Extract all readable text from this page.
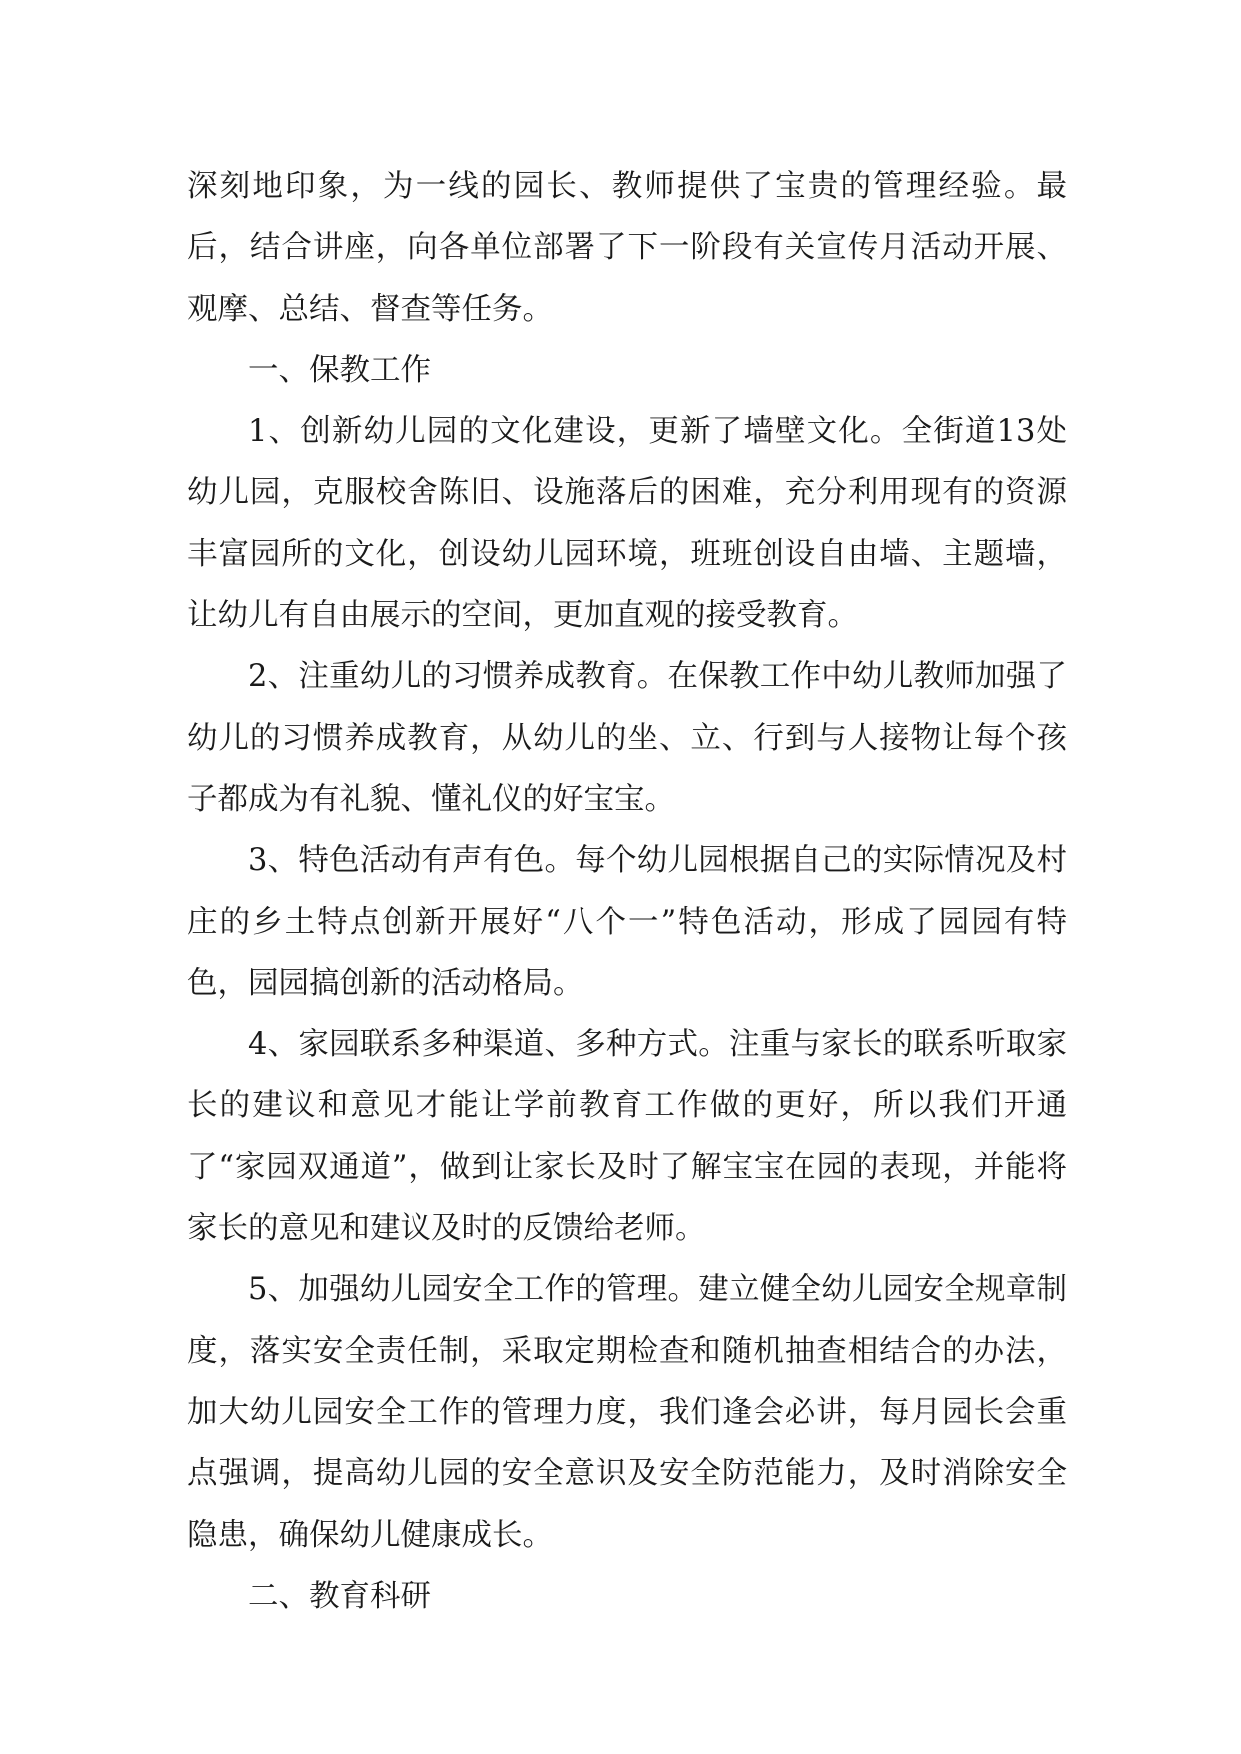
深刻地印象，为一线的园长、教师提供了宝贵的管理经验。最后，结合讲座，向各单位部署了下一阶段有关宣传月活动开展、观摩、总结、督查等任务。

一、保教工作

1、创新幼儿园的文化建设，更新了墙壁文化。全街道13处幼儿园，克服校舍陈旧、设施落后的困难，充分利用现有的资源丰富园所的文化，创设幼儿园环境，班班创设自由墙、主题墙，让幼儿有自由展示的空间，更加直观的接受教育。

2、注重幼儿的习惯养成教育。在保教工作中幼儿教师加强了幼儿的习惯养成教育，从幼儿的坐、立、行到与人接物让每个孩子都成为有礼貌、懂礼仪的好宝宝。

3、特色活动有声有色。每个幼儿园根据自己的实际情况及村庄的乡土特点创新开展好“八个一”特色活动，形成了园园有特色，园园搞创新的活动格局。

4、家园联系多种渠道、多种方式。注重与家长的联系听取家长的建议和意见才能让学前教育工作做的更好，所以我们开通了“家园双通道”，做到让家长及时了解宝宝在园的表现，并能将家长的意见和建议及时的反馈给老师。

5、加强幼儿园安全工作的管理。建立健全幼儿园安全规章制度，落实安全责任制，采取定期检查和随机抽查相结合的办法，加大幼儿园安全工作的管理力度，我们逢会必讲，每月园长会重点强调，提高幼儿园的安全意识及安全防范能力，及时消除安全隐患，确保幼儿健康成长。

二、教育科研
